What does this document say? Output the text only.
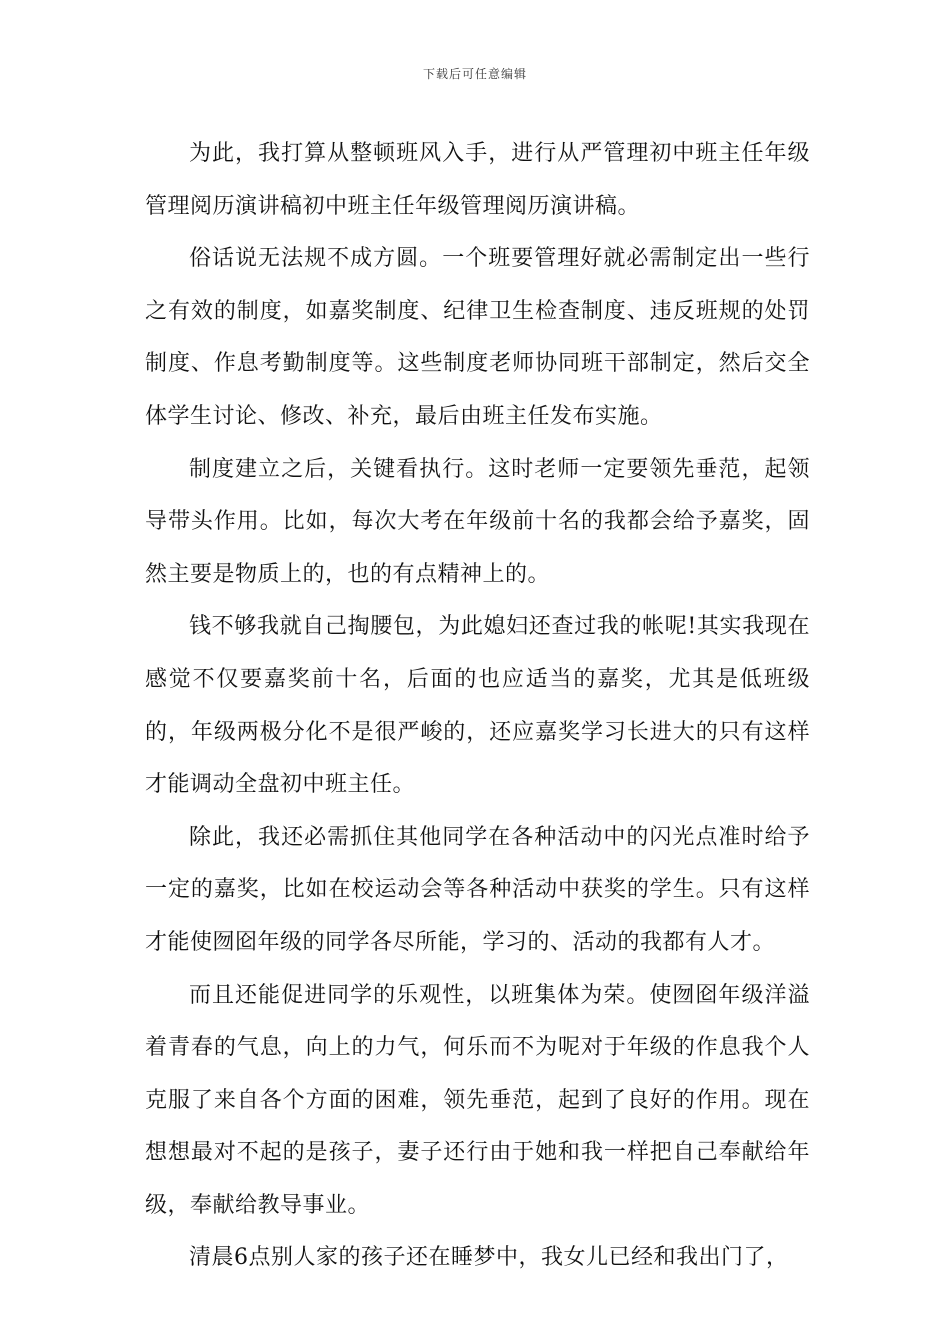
下载后可任意编辑

为此，我打算从整顿班风入手，进行从严管理初中班主任年级管理阅历演讲稿初中班主任年级管理阅历演讲稿。

俗话说无法规不成方圆。一个班要管理好就必需制定出一些行之有效的制度，如嘉奖制度、纪律卫生检查制度、违反班规的处罚制度、作息考勤制度等。这些制度老师协同班干部制定，然后交全体学生讨论、修改、补充，最后由班主任发布实施。

制度建立之后，关键看执行。这时老师一定要领先垂范，起领导带头作用。比如，每次大考在年级前十名的我都会给予嘉奖，固然主要是物质上的，也的有点精神上的。

钱不够我就自己掏腰包，为此媳妇还查过我的帐呢!其实我现在感觉不仅要嘉奖前十名，后面的也应适当的嘉奖，尤其是低班级的，年级两极分化不是很严峻的，还应嘉奖学习长进大的只有这样才能调动全盘初中班主任。

除此，我还必需抓住其他同学在各种活动中的闪光点准时给予一定的嘉奖，比如在校运动会等各种活动中获奖的学生。只有这样才能使囫囵年级的同学各尽所能，学习的、活动的我都有人才。

而且还能促进同学的乐观性，以班集体为荣。使囫囵年级洋溢着青春的气息，向上的力气，何乐而不为呢对于年级的作息我个人克服了来自各个方面的困难，领先垂范，起到了良好的作用。现在想想最对不起的是孩子，妻子还行由于她和我一样把自己奉献给年级，奉献给教导事业。

清晨6点别人家的孩子还在睡梦中，我女儿已经和我出门了，
